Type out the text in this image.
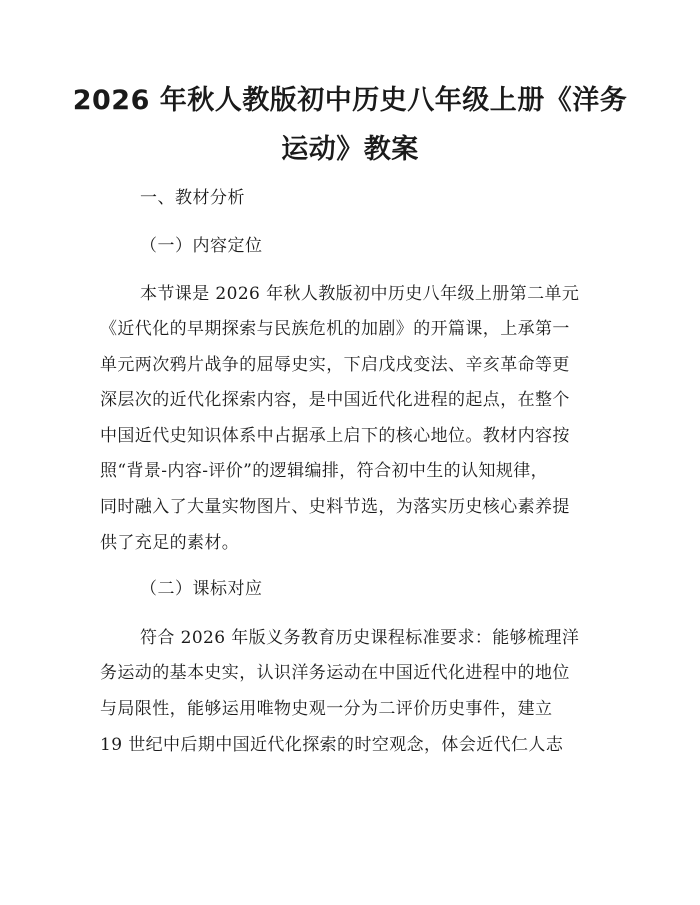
2026 年秋人教版初中历史八年级上册《洋务
运动》教案
一、教材分析
（一）内容定位
本节课是 2026 年秋人教版初中历史八年级上册第二单元
《近代化的早期探索与民族危机的加剧》的开篇课，上承第一
单元两次鸦片战争的屈辱史实，下启戊戌变法、辛亥革命等更
深层次的近代化探索内容，是中国近代化进程的起点，在整个
中国近代史知识体系中占据承上启下的核心地位。教材内容按
照“背景-内容-评价”的逻辑编排，符合初中生的认知规律，
同时融入了大量实物图片、史料节选，为落实历史核心素养提
供了充足的素材。
（二）课标对应
符合 2026 年版义务教育历史课程标准要求：能够梳理洋
务运动的基本史实，认识洋务运动在中国近代化进程中的地位
与局限性，能够运用唯物史观一分为二评价历史事件，建立
19 世纪中后期中国近代化探索的时空观念，体会近代仁人志
